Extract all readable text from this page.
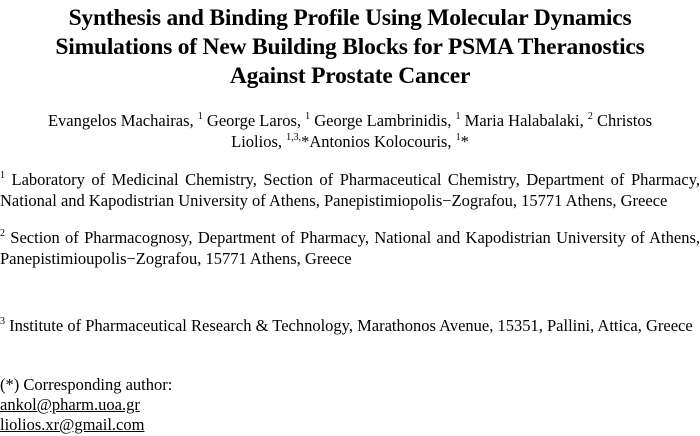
Synthesis and Binding Profile Using Molecular Dynamics

Simulations of New Building Blocks for PSMA Theranostics

Against Prostate Cancer

Evangelos Machairas, $^1$ George Laros, $^1$ George Lambrinidis, $^1$ Maria Halabalaki, $^2$ Christos Liolios, $^{1,3,}$*Antonios Kolocouris, $^1$*

$^1$ Laboratory of Medicinal Chemistry, Section of Pharmaceutical Chemistry, Department of Pharmacy, National and Kapodistrian University of Athens, Panepistimiopolis−Zografou, 15771 Athens, Greece

$^2$ Section of Pharmacognosy, Department of Pharmacy, National and Kapodistrian University of Athens, Panepistimioupolis−Zografou, 15771 Athens, Greece

$^3$ Institute of Pharmaceutical Research & Technology, Marathonos Avenue, 15351, Pallini, Attica, Greece

(*) Corresponding author:
ankol@pharm.uoa.gr
liolios.xr@gmail.com
